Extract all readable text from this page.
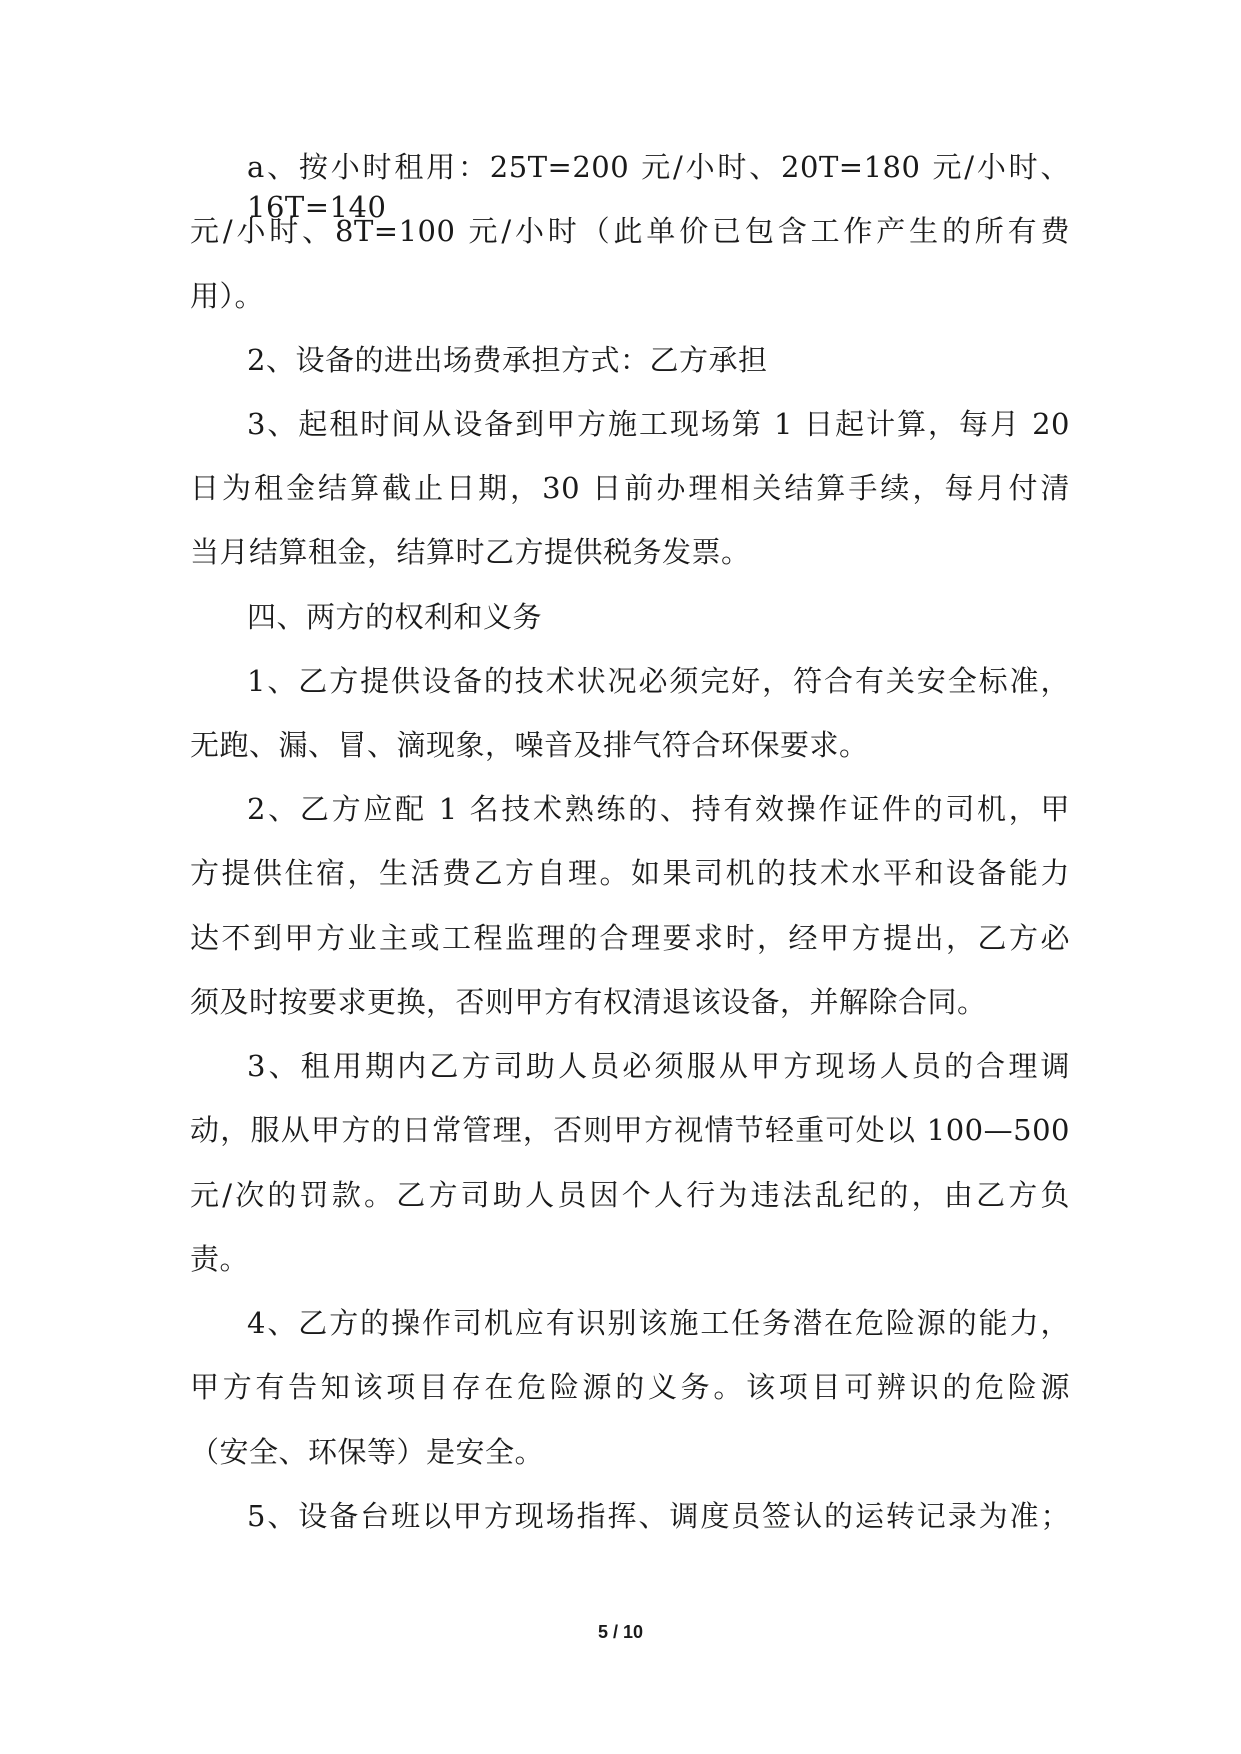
a、按小时租用：25T=200 元/小时、20T=180 元/小时、16T=140
元/小时、8T=100 元/小时（此单价已包含工作产生的所有费
用）。
2、设备的进出场费承担方式：乙方承担
3、起租时间从设备到甲方施工现场第 1 日起计算，每月 20
日为租金结算截止日期，30 日前办理相关结算手续，每月付清
当月结算租金，结算时乙方提供税务发票。
四、两方的权利和义务
1、乙方提供设备的技术状况必须完好，符合有关安全标准，
无跑、漏、冒、滴现象，噪音及排气符合环保要求。
2、乙方应配 1 名技术熟练的、持有效操作证件的司机，甲
方提供住宿，生活费乙方自理。如果司机的技术水平和设备能力
达不到甲方业主或工程监理的合理要求时，经甲方提出，乙方必
须及时按要求更换，否则甲方有权清退该设备，并解除合同。
3、租用期内乙方司助人员必须服从甲方现场人员的合理调
动，服从甲方的日常管理，否则甲方视情节轻重可处以 100—500
元/次的罚款。乙方司助人员因个人行为违法乱纪的，由乙方负
责。
4、乙方的操作司机应有识别该施工任务潜在危险源的能力，
甲方有告知该项目存在危险源的义务。该项目可辨识的危险源
（安全、环保等）是安全。
5、设备台班以甲方现场指挥、调度员签认的运转记录为准；
5 / 10
